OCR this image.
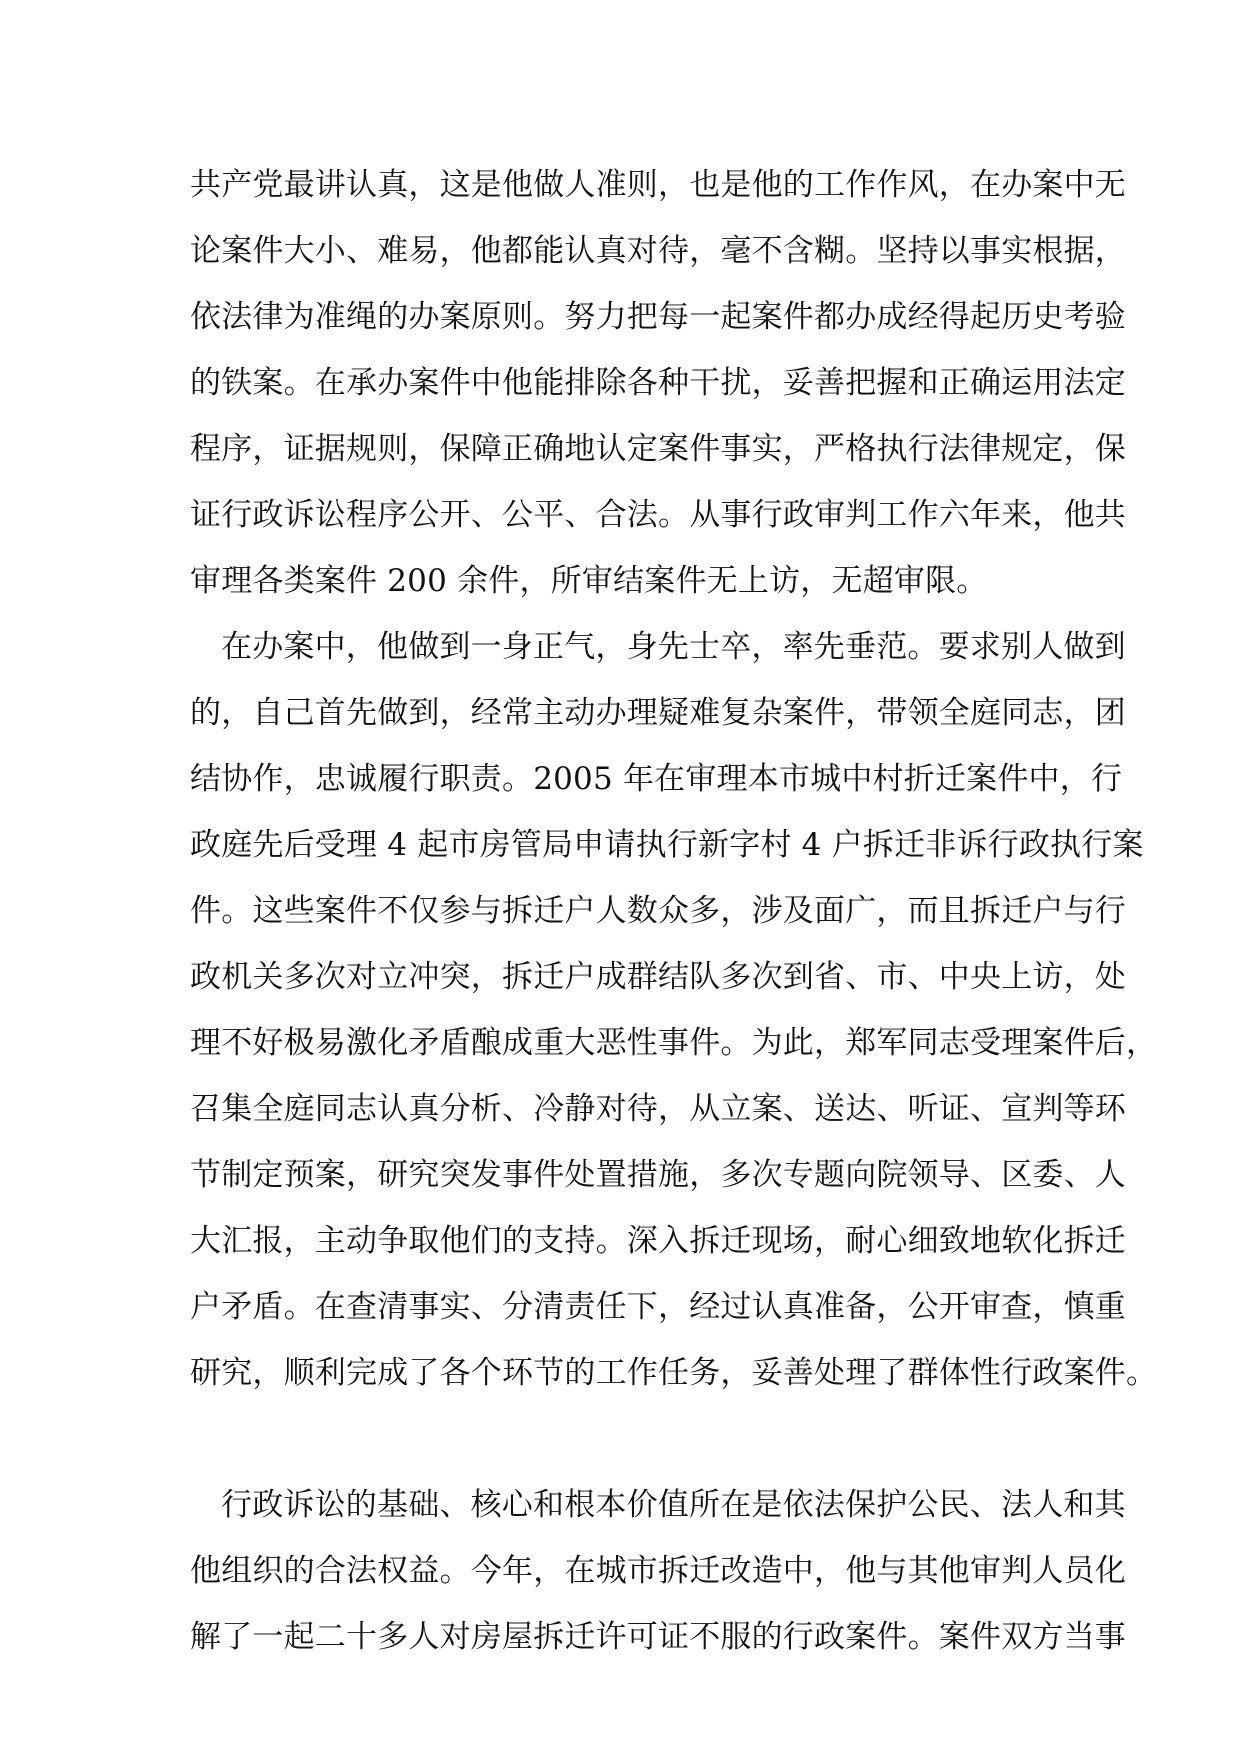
共产党最讲认真，这是他做人准则，也是他的工作作风，在办案中无
论案件大小、难易，他都能认真对待，毫不含糊。坚持以事实根据，
依法律为准绳的办案原则。努力把每一起案件都办成经得起历史考验
的铁案。在承办案件中他能排除各种干扰，妥善把握和正确运用法定
程序，证据规则，保障正确地认定案件事实，严格执行法律规定，保
证行政诉讼程序公开、公平、合法。从事行政审判工作六年来，他共
审理各类案件 200 余件，所审结案件无上访，无超审限。
在办案中，他做到一身正气，身先士卒，率先垂范。要求别人做到
的，自己首先做到，经常主动办理疑难复杂案件，带领全庭同志，团
结协作，忠诚履行职责。2005 年在审理本市城中村折迁案件中，行
政庭先后受理 4 起市房管局申请执行新字村 4 户拆迁非诉行政执行案
件。这些案件不仅参与拆迁户人数众多，涉及面广，而且拆迁户与行
政机关多次对立冲突，拆迁户成群结队多次到省、市、中央上访，处
理不好极易激化矛盾酿成重大恶性事件。为此，郑军同志受理案件后，
召集全庭同志认真分析、冷静对待，从立案、送达、听证、宣判等环
节制定预案，研究突发事件处置措施，多次专题向院领导、区委、人
大汇报，主动争取他们的支持。深入拆迁现场，耐心细致地软化拆迁
户矛盾。在查清事实、分清责任下，经过认真准备，公开审查，慎重
研究，顺利完成了各个环节的工作任务，妥善处理了群体性行政案件。
行政诉讼的基础、核心和根本价值所在是依法保护公民、法人和其
他组织的合法权益。今年，在城市拆迁改造中，他与其他审判人员化
解了一起二十多人对房屋拆迁许可证不服的行政案件。案件双方当事
